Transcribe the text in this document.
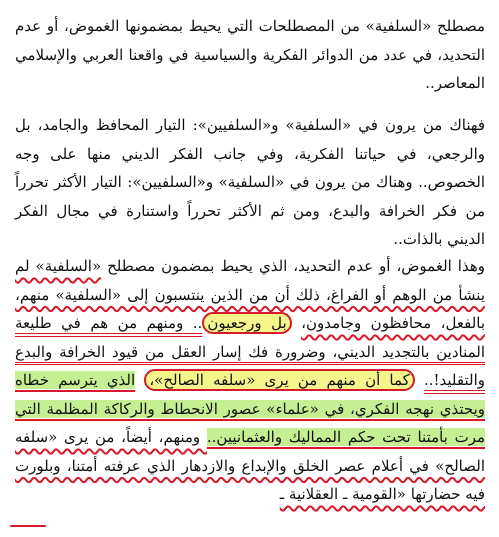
مصطلح «السلفية» من المصطلحات التي يحيط بمضمونها الغموض، أو عدم التحديد، في عدد من الدوائر الفكرية والسياسية في واقعنا العربي والإسلامي المعاصر..

فهناك من يرون في «السلفية» و«السلفيين»: التيار المحافظ والجامد، بل والرجعي، في حياتنا الفكرية، وفي جانب الفكر الديني منها على وجه الخصوص.. وهناك من يرون في «السلفية» و«السلفيين»: التيار الأكثر تحرراً من فكر الخرافة والبدع، ومن ثم الأكثر تحرراً واستنارة في مجال الفكر الديني بالذات..

وهذا الغموض، أو عدم التحديد، الذي يحيط بمضمون مصطلح «السلفية» لم ينشأ من الوهم أو الفراغ، ذلك أن من الذين ينتسبون إلى «السلفية» منهم، بالفعل، محافظون وجامدون، بل ورجعيون.. ومنهم من هم في طليعة المنادين بالتجديد الديني، وضرورة فك إسار العقل من قيود الخرافة والبدع والتقليد!.. كما أن منهم من يرى «سلفه الصالح»، الذي يترسم خطاه ويحتذي نهجه الفكري، في «علماء» عصور الانحطاط والركاكة المظلمة التي مرت بأمتنا تحت حكم المماليك والعثمانيين.. ومنهم، أيضاً، من يرى «سلفه الصالح» في أعلام عصر الخلق والإبداع والازدهار الذي عرفته أمتنا، وبلورت فيه حضارتها «القومية ـ العقلانية ـ
